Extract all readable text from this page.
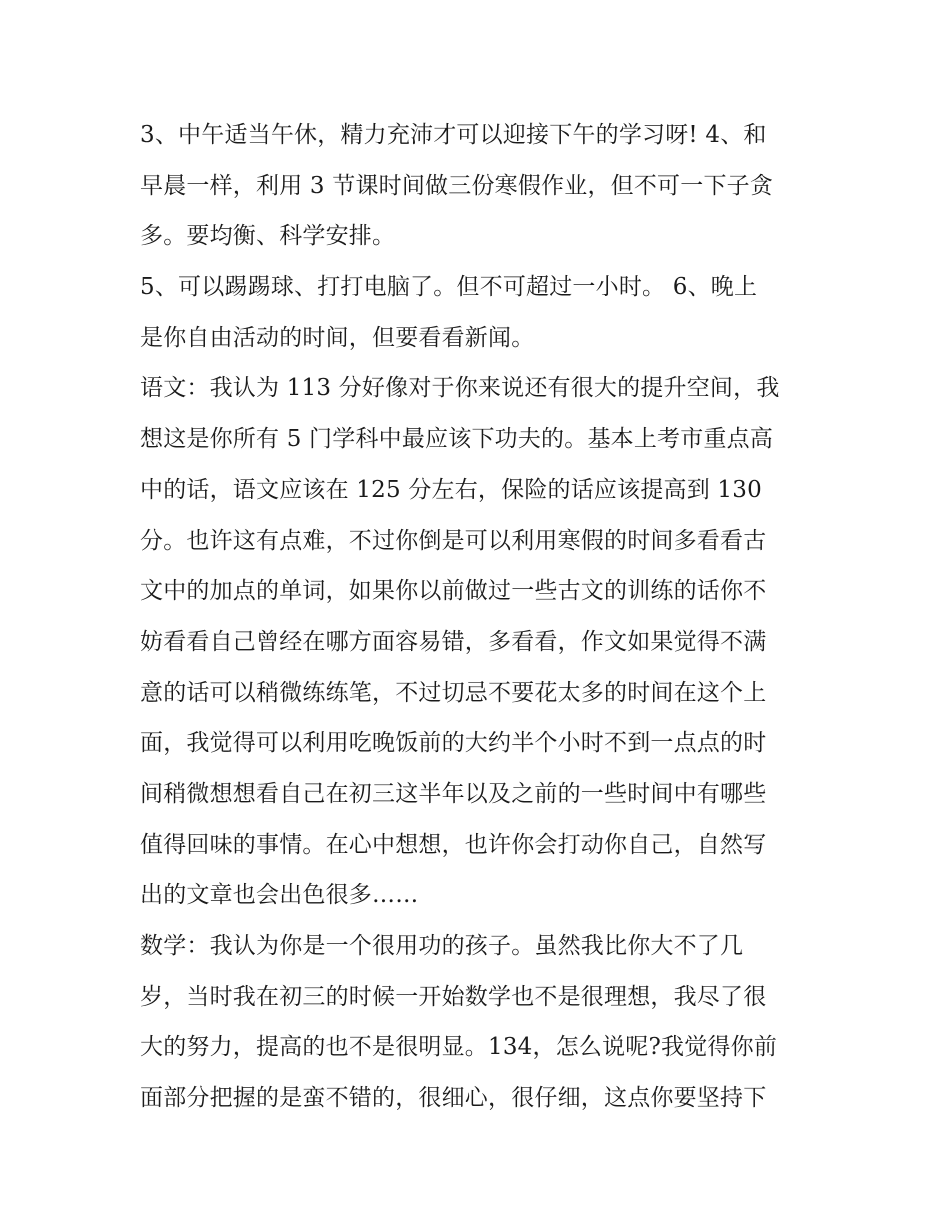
3、中午适当午休，精力充沛才可以迎接下午的学习呀! 4、和
早晨一样，利用 3 节课时间做三份寒假作业，但不可一下子贪
多。要均衡、科学安排。
5、可以踢踢球、打打电脑了。但不可超过一小时。 6、晚上
是你自由活动的时间，但要看看新闻。
语文：我认为 113 分好像对于你来说还有很大的提升空间，我
想这是你所有 5 门学科中最应该下功夫的。基本上考市重点高
中的话，语文应该在 125 分左右，保险的话应该提高到 130
分。也许这有点难，不过你倒是可以利用寒假的时间多看看古
文中的加点的单词，如果你以前做过一些古文的训练的话你不
妨看看自己曾经在哪方面容易错，多看看，作文如果觉得不满
意的话可以稍微练练笔，不过切忌不要花太多的时间在这个上
面，我觉得可以利用吃晚饭前的大约半个小时不到一点点的时
间稍微想想看自己在初三这半年以及之前的一些时间中有哪些
值得回味的事情。在心中想想，也许你会打动你自己，自然写
出的文章也会出色很多……
数学：我认为你是一个很用功的孩子。虽然我比你大不了几
岁，当时我在初三的时候一开始数学也不是很理想，我尽了很
大的努力，提高的也不是很明显。134，怎么说呢?我觉得你前
面部分把握的是蛮不错的，很细心，很仔细，这点你要坚持下
